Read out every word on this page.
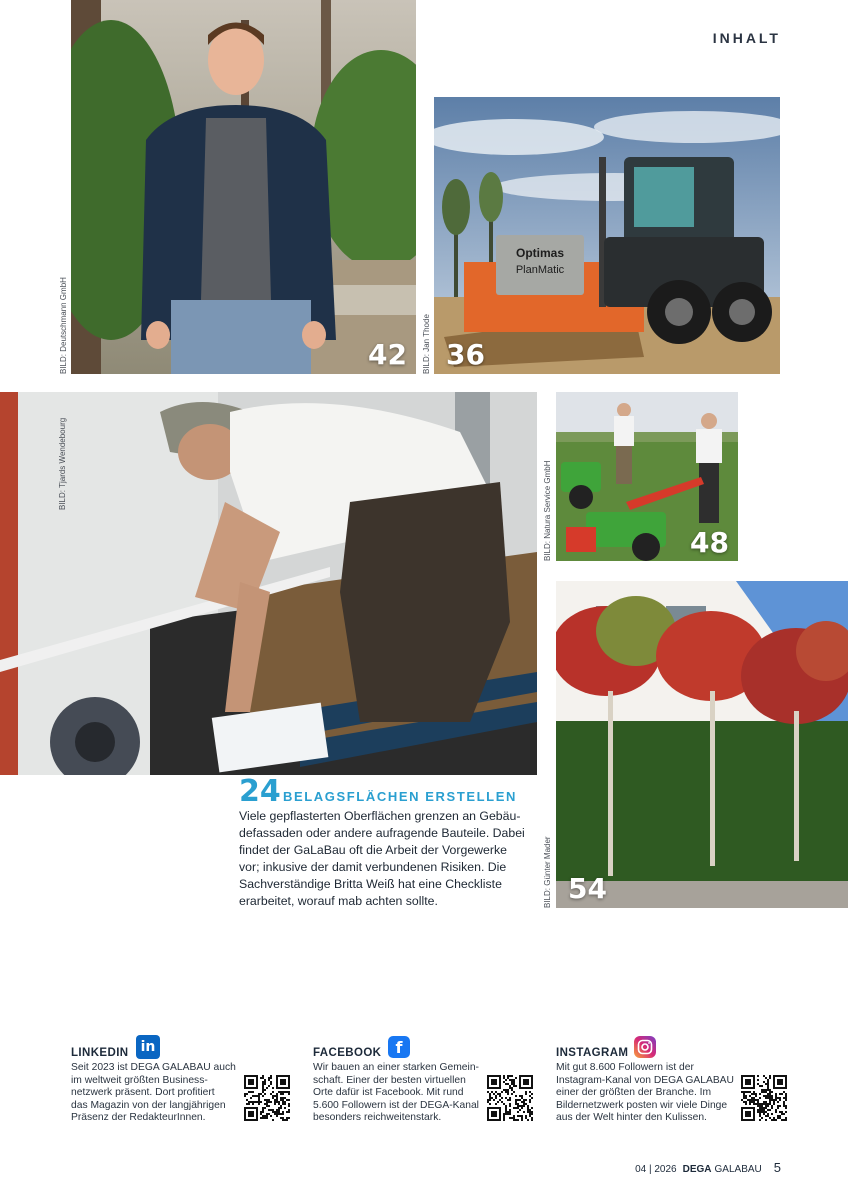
INHALT
BILD: Deutschmann GmbH	42
Optimas
PlanMatic
BILD: Jan Thode 36
BILD: Tjards Wendebourg	BILD: Natura Service GmbH	48
BILD: Günter Mader 54
24 BELAGSFLÄCHEN ERSTELLEN
Viele gepflasterten Oberflächen grenzen an Gebäu-
defassaden oder andere aufragende Bauteile. Dabei
findet der GaLaBau oft die Arbeit der Vorgewerke
vor; inkusive der damit verbundenen Risiken. Die
Sachverständige Britta Weiß hat eine Checkliste
erarbeitet, worauf mab achten sollte.
LINKEDIN in
Seit 2023 ist DEGA GALABAU auch
im weltweit größten Business-
netzwerk präsent. Dort profitiert
das Magazin von der langjährigen
Präsenz der RedakteurInnen.
FACEBOOK f
Wir bauen an einer starken Gemein-
schaft. Einer der besten virtuellen
Orte dafür ist Facebook. Mit rund
5.600 Followern ist der DEGA-Kanal
besonders reichweitenstark.
INSTAGRAM
Mit gut 8.600 Followern ist der
Instagram-Kanal von DEGA GALABAU
einer der größten der Branche. Im
Bildernetzwerk posten wir viele Dinge
aus der Welt hinter den Kulissen.
04 | 2026 DEGA GALABAU 5
